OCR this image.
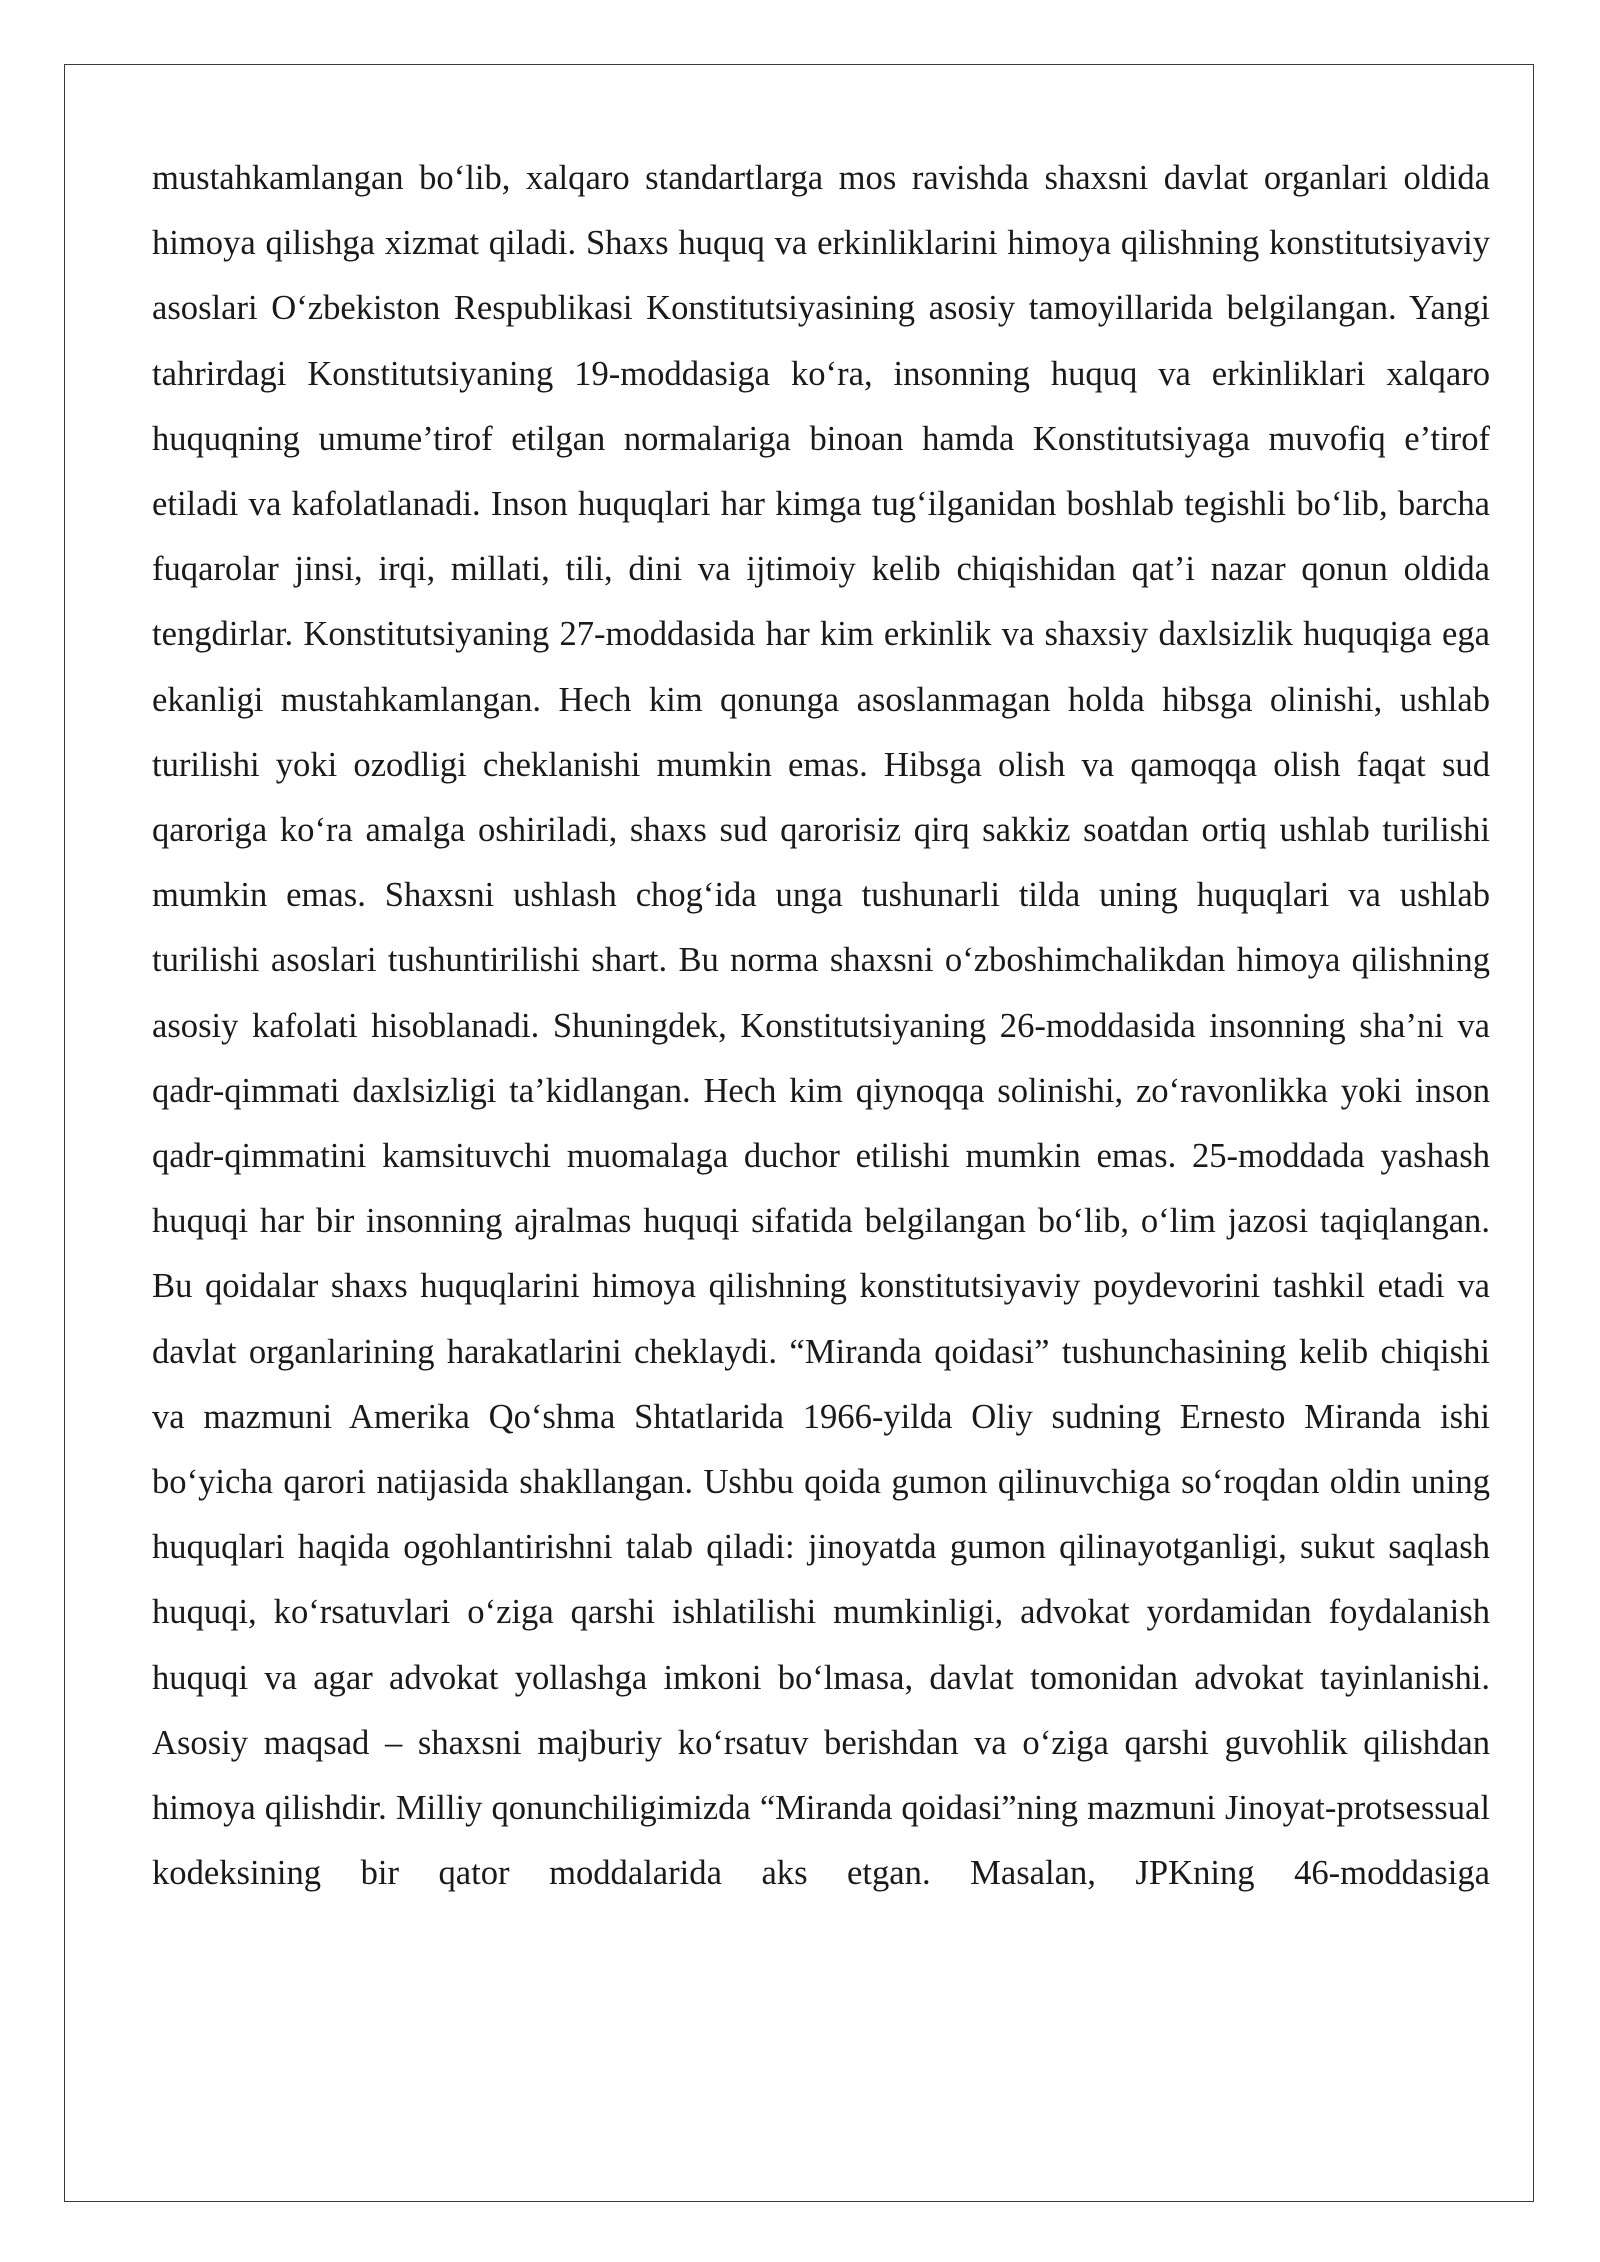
mustahkamlangan bo‘lib, xalqaro standartlarga mos ravishda shaxsni davlat organlari oldida himoya qilishga xizmat qiladi. Shaxs huquq va erkinliklarini himoya qilishning konstitutsiyaviy asoslari O‘zbekiston Respublikasi Konstitutsiyasining asosiy tamoyillarida belgilangan. Yangi tahrirdagi Konstitutsiyaning 19-moddasiga ko‘ra, insonning huquq va erkinliklari xalqaro huquqning umume’tirof etilgan normalariga binoan hamda Konstitutsiyaga muvofiq e’tirof etiladi va kafolatlanadi. Inson huquqlari har kimga tug‘ilganidan boshlab tegishli bo‘lib, barcha fuqarolar jinsi, irqi, millati, tili, dini va ijtimoiy kelib chiqishidan qat’i nazar qonun oldida tengdirlar. Konstitutsiyaning 27-moddasida har kim erkinlik va shaxsiy daxlsizlik huquqiga ega ekanligi mustahkamlangan. Hech kim qonunga asoslanmagan holda hibsga olinishi, ushlab turilishi yoki ozodligi cheklanishi mumkin emas. Hibsga olish va qamoqqa olish faqat sud qaroriga ko‘ra amalga oshiriladi, shaxs sud qarorisiz qirq sakkiz soatdan ortiq ushlab turilishi mumkin emas. Shaxsni ushlash chog‘ida unga tushunarli tilda uning huquqlari va ushlab turilishi asoslari tushuntirilishi shart. Bu norma shaxsni o‘zboshimchalikdan himoya qilishning asosiy kafolati hisoblanadi. Shuningdek, Konstitutsiyaning 26-moddasida insonning sha’ni va qadr-qimmati daxlsizligi ta’kidlangan. Hech kim qiynoqqa solinishi, zo‘ravonlikka yoki inson qadr-qimmatini kamsituvchi muomalaga duchor etilishi mumkin emas. 25-moddada yashash huquqi har bir insonning ajralmas huquqi sifatida belgilangan bo‘lib, o‘lim jazosi taqiqlangan. Bu qoidalar shaxs huquqlarini himoya qilishning konstitutsiyaviy poydevorini tashkil etadi va davlat organlarining harakatlarini cheklaydi. “Miranda qoidasi” tushunchasining kelib chiqishi va mazmuni Amerika Qo‘shma Shtatlarida 1966-yilda Oliy sudning Ernesto Miranda ishi bo‘yicha qarori natijasida shakllangan. Ushbu qoida gumon qilinuvchiga so‘roqdan oldin uning huquqlari haqida ogohlantirishni talab qiladi: jinoyatda gumon qilinayotganligi, sukut saqlash huquqi, ko‘rsatuvlari o‘ziga qarshi ishlatilishi mumkinligi, advokat yordamidan foydalanish huquqi va agar advokat yollashga imkoni bo‘lmasa, davlat tomonidan advokat tayinlanishi. Asosiy maqsad – shaxsni majburiy ko‘rsatuv berishdan va o‘ziga qarshi guvohlik qilishdan himoya qilishdir. Milliy qonunchiligimizda “Miranda qoidasi”ning mazmuni Jinoyat-protsessual kodeksining bir qator moddalarida aks etgan. Masalan, JPKning 46-moddasiga
